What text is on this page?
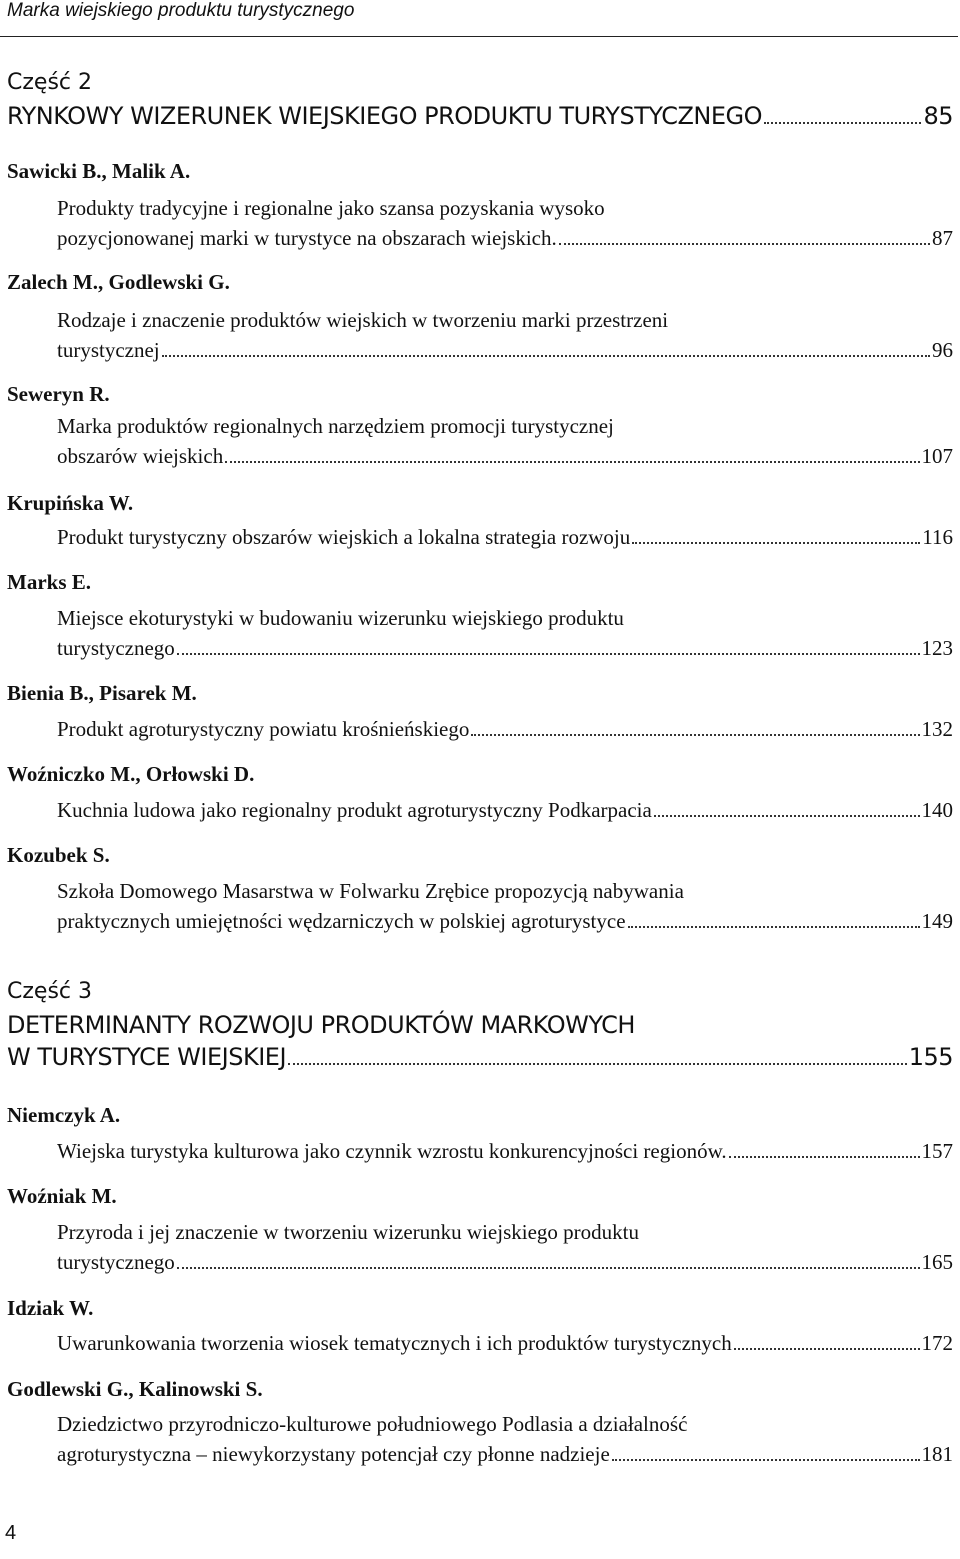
Marka wiejskiego produktu turystycznego
Część 2
RYNKOWY WIZERUNEK WIEJSKIEGO PRODUKTU TURYSTYCZNEGO	85
Sawicki B., Malik A.
Produkty tradycyjne i regionalne jako szansa pozyskania wysoko
pozycjonowanej marki w turystyce na obszarach wiejskich.	87
Zalech M., Godlewski G.
Rodzaje i znaczenie produktów wiejskich w tworzeniu marki przestrzeni
turystycznej	96
Seweryn R.
Marka produktów regionalnych narzędziem promocji turystycznej
obszarów wiejskich	107
Krupińska W.
Produkt turystyczny obszarów wiejskich a lokalna strategia rozwoju	116
Marks E.
Miejsce ekoturystyki w budowaniu wizerunku wiejskiego produktu
turystycznego	123
Bienia B., Pisarek M.
Produkt agroturystyczny powiatu krośnieńskiego	132
Woźniczko M., Orłowski D.
Kuchnia ludowa jako regionalny produkt agroturystyczny Podkarpacia	140
Kozubek S.
Szkoła Domowego Masarstwa w Folwarku Zrębice propozycją nabywania
praktycznych umiejętności wędzarniczych w polskiej agroturystyce	149
Część 3
DETERMINANTY ROZWOJU PRODUKTÓW MARKOWYCH
W TURYSTYCE WIEJSKIEJ	155
Niemczyk A.
Wiejska turystyka kulturowa jako czynnik wzrostu konkurencyjności regionów.	157
Woźniak M.
Przyroda i jej znaczenie w tworzeniu wizerunku wiejskiego produktu
turystycznego	165
Idziak W.
Uwarunkowania tworzenia wiosek tematycznych i ich produktów turystycznych	172
Godlewski G., Kalinowski S.
Dziedzictwo przyrodniczo-kulturowe południowego Podlasia a działalność
agroturystyczna – niewykorzystany potencjał czy płonne nadzieje	181
4
